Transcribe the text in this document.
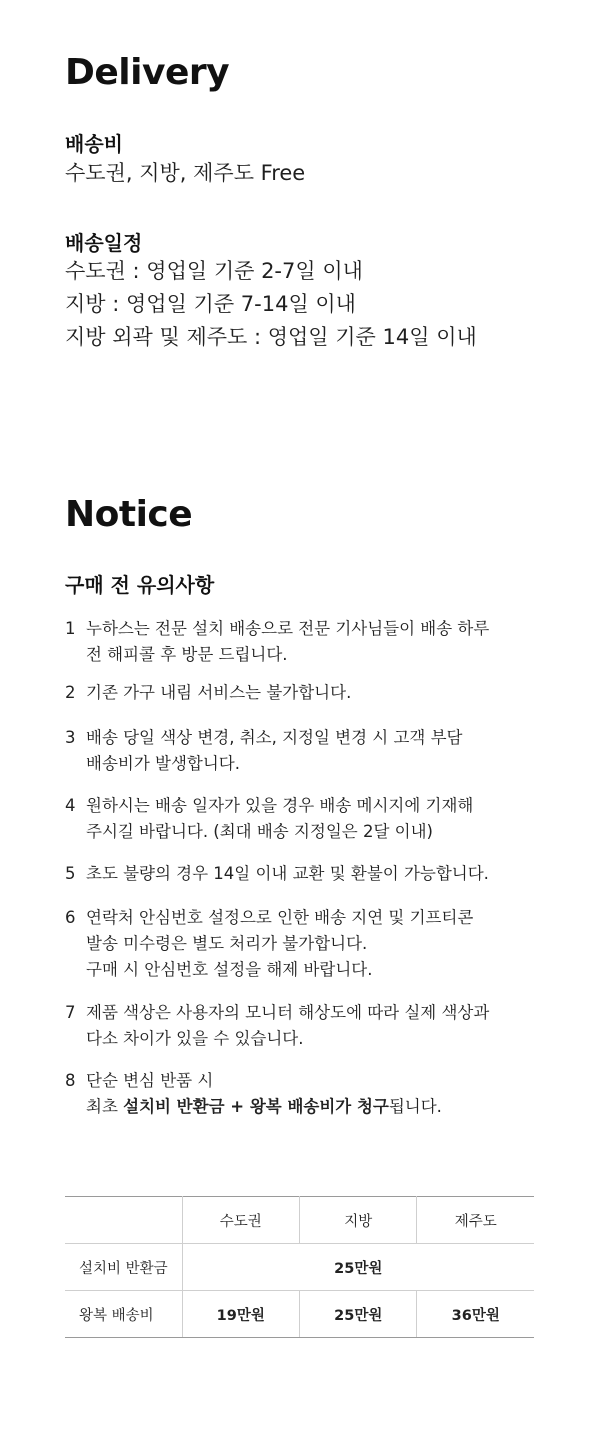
Delivery
배송비

수도권, 지방, 제주도 Free

배송일정

수도권 : 영업일 기준 2-7일 이내

지방 : 영업일 기준 7-14일 이내

지방 외곽 및 제주도 : 영업일 기준 14일 이내

Notice
구매 전 유의사항
1 누하스는 전문 설치 배송으로 전문 기사님들이 배송 하루
전 해피콜 후 방문 드립니다.
2 기존 가구 내림 서비스는 불가합니다.
3 배송 당일 색상 변경, 취소, 지정일 변경 시 고객 부담
배송비가 발생합니다.
4 원하시는 배송 일자가 있을 경우 배송 메시지에 기재해
주시길 바랍니다. (최대 배송 지정일은 2달 이내)
5 초도 불량의 경우 14일 이내 교환 및 환불이 가능합니다.
6 연락처 안심번호 설정으로 인한 배송 지연 및 기프티콘
발송 미수령은 별도 처리가 불가합니다.
구매 시 안심번호 설정을 해제 바랍니다.
7 제품 색상은 사용자의 모니터 해상도에 따라 실제 색상과
다소 차이가 있을 수 있습니다.
8 단순 변심 반품 시
최초 설치비 반환금 + 왕복 배송비가 청구됩니다.
	수도권	지방	제주도
설치비 반환금	25만원		
왕복 배송비	19만원	25만원	36만원
